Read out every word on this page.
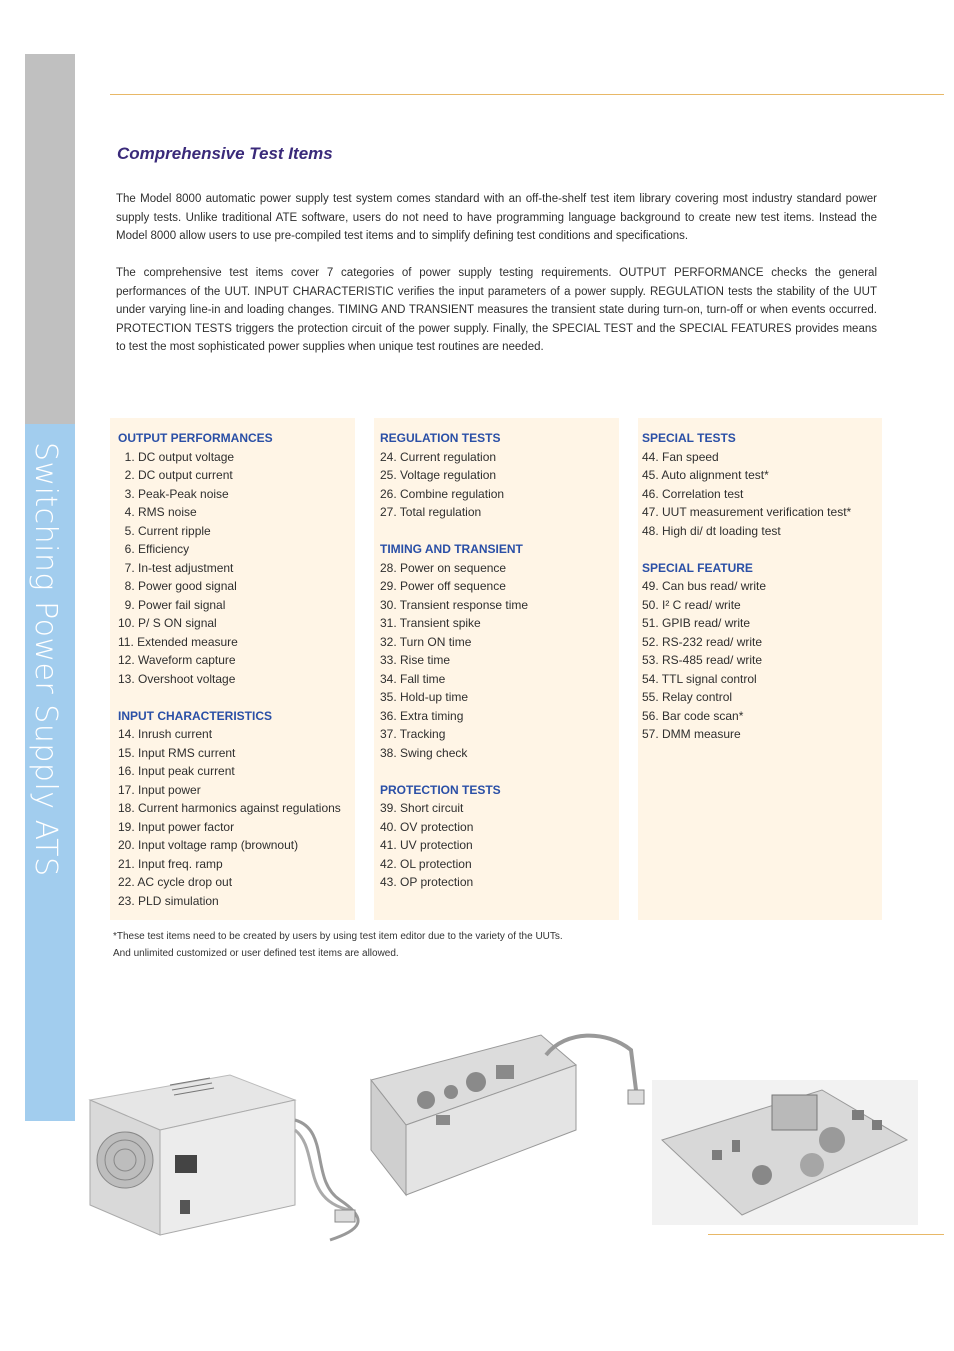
Switching Power Supply ATS
Comprehensive Test Items

The Model 8000 automatic power supply test system comes standard with an off-the-shelf test item library covering most industry standard power supply tests. Unlike traditional ATE software, users do not need to have programming language background to create new test items. Instead the Model 8000 allow users to use pre-compiled test items and to simplify defining test conditions and specifications.

The comprehensive test items cover 7 categories of power supply testing requirements. OUTPUT PERFORMANCE checks the general performances of the UUT. INPUT CHARACTERISTIC verifies the input parameters of a power supply. REGULATION tests the stability of the UUT under varying line-in and loading changes. TIMING AND TRANSIENT measures the transient state during turn-on, turn-off or when events occurred. PROTECTION TESTS triggers the protection circuit of the power supply. Finally, the SPECIAL TEST and the SPECIAL FEATURES provides means to test the most sophisticated power supplies when unique test routines are needed.

OUTPUT PERFORMANCES
1. DC output voltage
2. DC output current
3. Peak-Peak noise
4. RMS noise
5. Current ripple
6. Efficiency
7. In-test adjustment
8. Power good signal
9. Power fail signal
10. P/ S ON signal
11. Extended measure
12. Waveform capture
13. Overshoot voltage
INPUT CHARACTERISTICS
14. Inrush current
15. Input RMS current
16. Input peak current
17. Input power
18. Current harmonics against regulations
19. Input power factor
20. Input voltage ramp (brownout)
21. Input freq. ramp
22. AC cycle drop out
23. PLD simulation
REGULATION TESTS
24. Current regulation
25. Voltage regulation
26. Combine regulation
27. Total regulation
TIMING AND TRANSIENT
28. Power on sequence
29. Power off sequence
30. Transient response time
31. Transient spike
32. Turn ON time
33. Rise time
34. Fall time
35. Hold-up time
36. Extra timing
37. Tracking
38. Swing check
PROTECTION TESTS
39. Short circuit
40. OV protection
41. UV protection
42. OL protection
43. OP protection
SPECIAL TESTS
44. Fan speed
45. Auto alignment test*
46. Correlation test
47. UUT measurement verification test*
48. High di/ dt loading test
SPECIAL FEATURE
49. Can bus read/ write
50. I² C read/ write
51. GPIB read/ write
52. RS-232 read/ write
53. RS-485 read/ write
54. TTL signal control
55. Relay control
56. Bar code scan*
57. DMM measure

*These test items need to be created by users by using test item editor due to the variety of the UUTs.
And unlimited customized or user defined test items are allowed.
